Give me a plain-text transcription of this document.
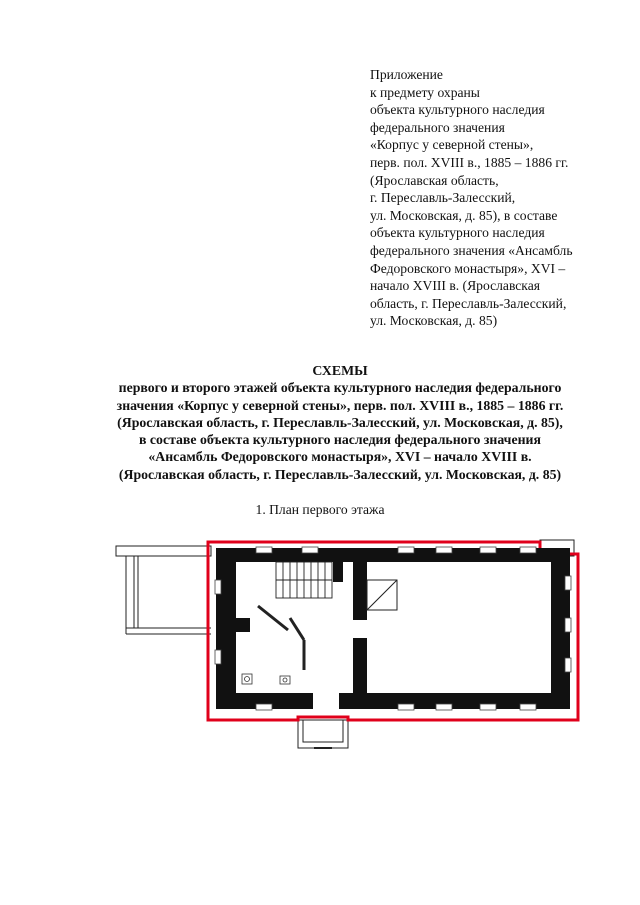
Приложение
к предмету охраны
объекта культурного наследия
федерального значения
«Корпус у северной стены»,
перв. пол. XVIII в., 1885 – 1886 гг.
(Ярославская область,
г. Переславль-Залесский,
ул. Московская, д. 85), в составе
объекта культурного наследия
федерального значения «Ансамбль
Федоровского монастыря», XVI –
начало XVIII в. (Ярославская
область, г. Переславль-Залесский,
ул. Московская, д. 85)
СХЕМЫ
первого и второго этажей объекта культурного наследия федерального
значения «Корпус у северной стены», перв. пол. XVIII в., 1885 – 1886 гг.
(Ярославская область, г. Переславль-Залесский, ул. Московская, д. 85),
в составе объекта культурного наследия федерального значения
«Ансамбль Федоровского монастыря», XVI – начало XVIII в.
(Ярославская область, г. Переславль-Залесский, ул. Московская, д. 85)
1. План первого этажа
